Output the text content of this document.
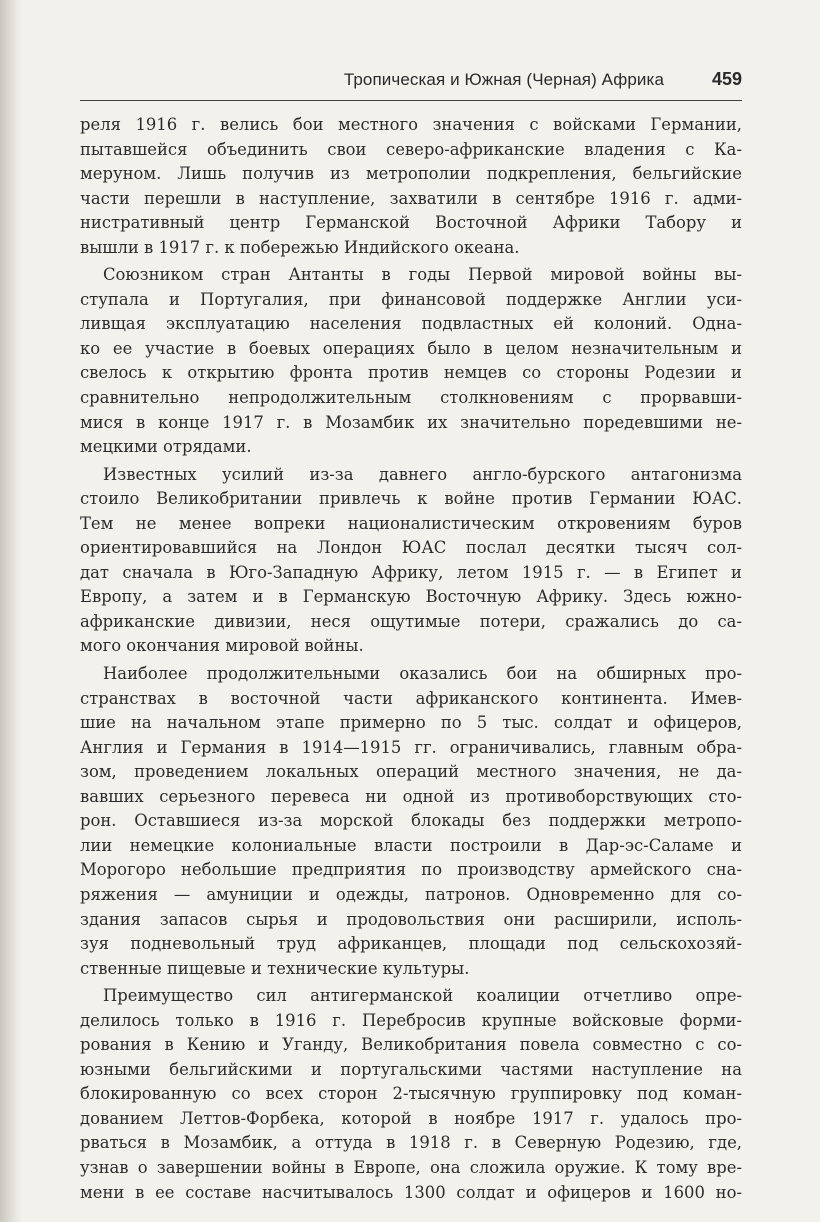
Тропическая и Южная (Черная) Африка	459
реля 1916 г. велись бои местного значения с войсками Германии,
пытавшейся объединить свои северо-африканские владения с Ка-
меруном. Лишь получив из метрополии подкрепления, бельгийские
части перешли в наступление, захватили в сентябре 1916 г. адми-
нистративный центр Германской Восточной Африки Табору и
вышли в 1917 г. к побережью Индийского океана.
Союзником стран Антанты в годы Первой мировой войны вы-
ступала и Португалия, при финансовой поддержке Англии уси-
ливщая эксплуатацию населения подвластных ей колоний. Одна-
ко ее участие в боевых операциях было в целом незначительным и
свелось к открытию фронта против немцев со стороны Родезии и
сравнительно непродолжительным столкновениям с прорвавши-
мися в конце 1917 г. в Мозамбик их значительно поредевшими не-
мецкими отрядами.
Известных усилий из-за давнего англо-бурского антагонизма
стоило Великобритании привлечь к войне против Германии ЮАС.
Тем не менее вопреки националистическим откровениям буров
ориентировавшийся на Лондон ЮАС послал десятки тысяч сол-
дат сначала в Юго-Западную Африку, летом 1915 г. — в Египет и
Европу, а затем и в Германскую Восточную Африку. Здесь южно-
африканские дивизии, неся ощутимые потери, сражались до са-
мого окончания мировой войны.
Наиболее продолжительными оказались бои на обширных про-
странствах в восточной части африканского континента. Имев-
шие на начальном этапе примерно по 5 тыс. солдат и офицеров,
Англия и Германия в 1914—1915 гг. ограничивались, главным обра-
зом, проведением локальных операций местного значения, не да-
вавших серьезного перевеса ни одной из противоборствующих сто-
рон. Оставшиеся из-за морской блокады без поддержки метропо-
лии немецкие колониальные власти построили в Дар-эс-Саламе и
Морогоро небольшие предприятия по производству армейского сна-
ряжения — амуниции и одежды, патронов. Одновременно для со-
здания запасов сырья и продовольствия они расширили, исполь-
зуя подневольный труд африканцев, площади под сельскохозяй-
ственные пищевые и технические культуры.
Преимущество сил антигерманской коалиции отчетливо опре-
делилось только в 1916 г. Перебросив крупные войсковые форми-
рования в Кению и Уганду, Великобритания повела совместно с со-
юзными бельгийскими и португальскими частями наступление на
блокированную со всех сторон 2-тысячную группировку под коман-
дованием Леттов-Форбека, которой в ноябре 1917 г. удалось про-
рваться в Мозамбик, а оттуда в 1918 г. в Северную Родезию, где,
узнав о завершении войны в Европе, она сложила оружие. К тому вре-
мени в ее составе насчитывалось 1300 солдат и офицеров и 1600 но-
